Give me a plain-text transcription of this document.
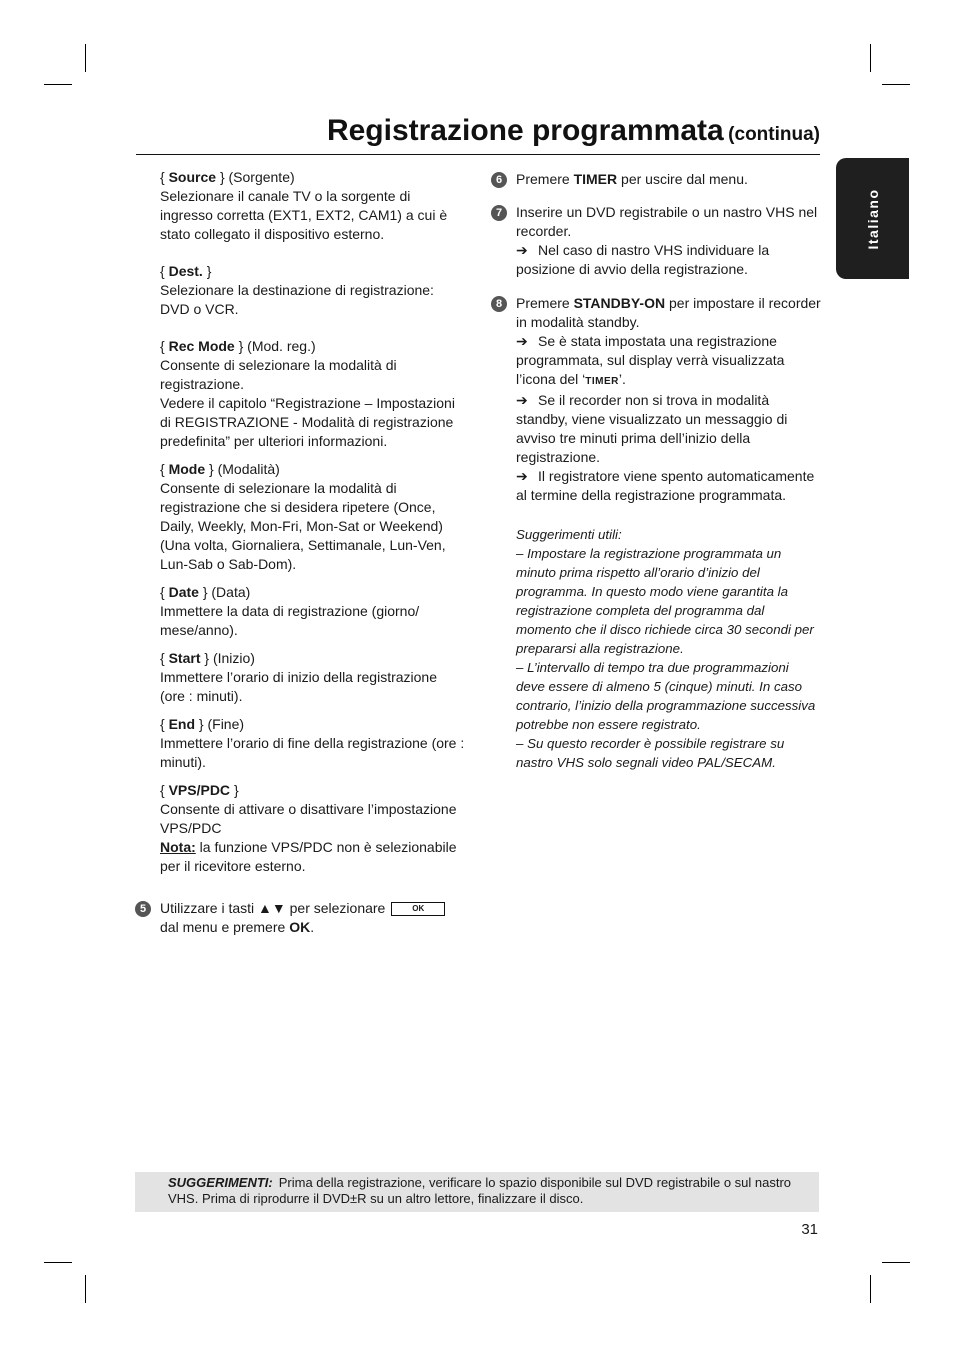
Registrazione programmata (continua)
Italiano

{ Source } (Sorgente)

Selezionare il canale TV o la sorgente di ingresso corretta (EXT1, EXT2, CAM1) a cui è stato collegato il dispositivo esterno.

{ Dest. }

Selezionare la destinazione di registrazione: DVD o VCR.

{ Rec Mode } (Mod. reg.)

Consente di selezionare la modalità di registrazione.

Vedere il capitolo “Registrazione – Impostazioni di REGISTRAZIONE - Modalità di registrazione predefinita” per ulteriori informazioni.

{ Mode } (Modalità)

Consente di selezionare la modalità di registrazione che si desidera ripetere (Once, Daily, Weekly, Mon-Fri, Mon-Sat or Weekend) (Una volta, Giornaliera, Settimanale, Lun-Ven, Lun-Sab o Sab-Dom).

{ Date } (Data)

Immettere la data di registrazione (giorno/ mese/anno).

{ Start } (Inizio)

Immettere l’orario di inizio della registrazione (ore : minuti).

{ End } (Fine)

Immettere l’orario di fine della registrazione (ore : minuti).

{ VPS/PDC }

Consente di attivare o disattivare l’impostazione VPS/PDC

Nota: la funzione VPS/PDC non è selezionabile per il ricevitore esterno.

5 Utilizzare i tasti ▲▼ per selezionare	OK

dal menu e premere OK.

6 Premere TIMER per uscire dal menu.

7 Inserire un DVD registrabile o un nastro VHS nel recorder.

➔ Nel caso di nastro VHS individuare la posizione di avvio della registrazione.

8 Premere STANDBY-ON per impostare il recorder in modalità standby.

➔ Se è stata impostata una registrazione programmata, sul display verrà visualizzata l’icona del ‘TIMER’.

➔ Se il recorder non si trova in modalità standby, viene visualizzato un messaggio di avviso tre minuti prima dell’inizio della registrazione.

➔ Il registratore viene spento automaticamente al termine della registrazione programmata.

Suggerimenti utili:

– Impostare la registrazione programmata un minuto prima rispetto all’orario d’inizio del programma. In questo modo viene garantita la registrazione completa del programma dal momento che il disco richiede circa 30 secondi per prepararsi alla registrazione.

– L’intervallo di tempo tra due programmazioni deve essere di almeno 5 (cinque) minuti. In caso contrario, l’inizio della programmazione successiva potrebbe non essere registrato.

– Su questo recorder è possibile registrare su nastro VHS solo segnali video PAL/SECAM.

SUGGERIMENTI: Prima della registrazione, verificare lo spazio disponibile sul DVD registrabile o sul nastro VHS. Prima di riprodurre il DVD±R su un altro lettore, finalizzare il disco.

31
